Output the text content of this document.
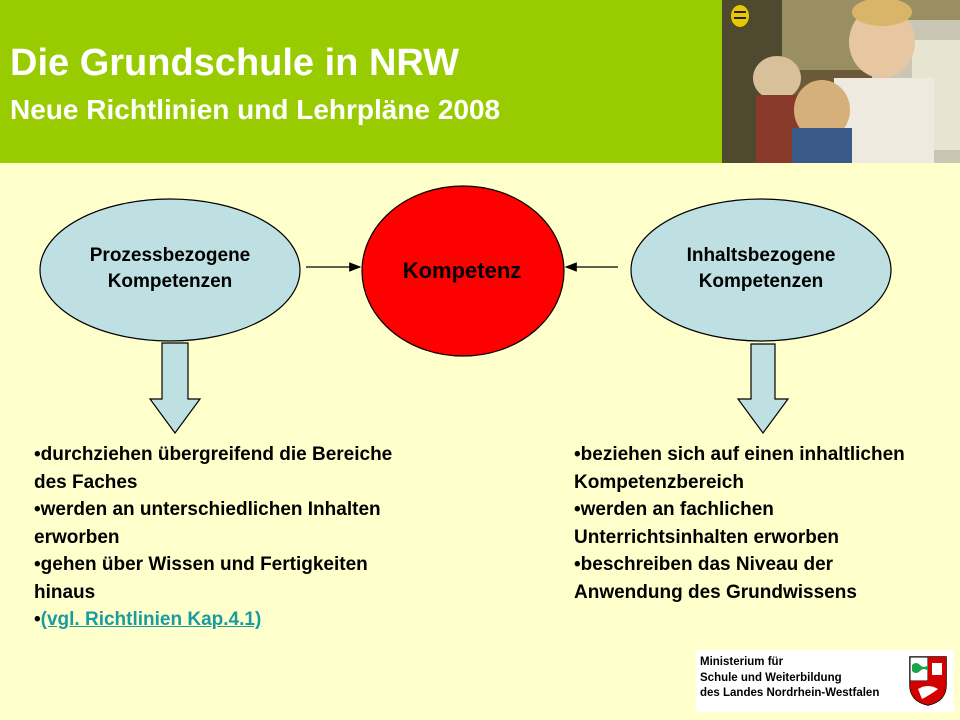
Die Grundschule in NRW
Neue Richtlinien und Lehrpläne 2008
Prozessbezogene
Kompetenzen
Inhaltsbezogene
Kompetenzen
Kompetenz
• durchziehen übergreifend die Bereiche des Faches
• werden an unterschiedlichen Inhalten erworben
• gehen über Wissen und Fertigkeiten hinaus
• (vgl. Richtlinien Kap.4.1)
• beziehen sich auf einen inhaltlichen Kompetenzbereich
• werden an fachlichen Unterrichtsinhalten erworben
• beschreiben das Niveau der Anwendung des Grundwissens
Ministerium für
Schule und Weiterbildung
des Landes Nordrhein-Westfalen
